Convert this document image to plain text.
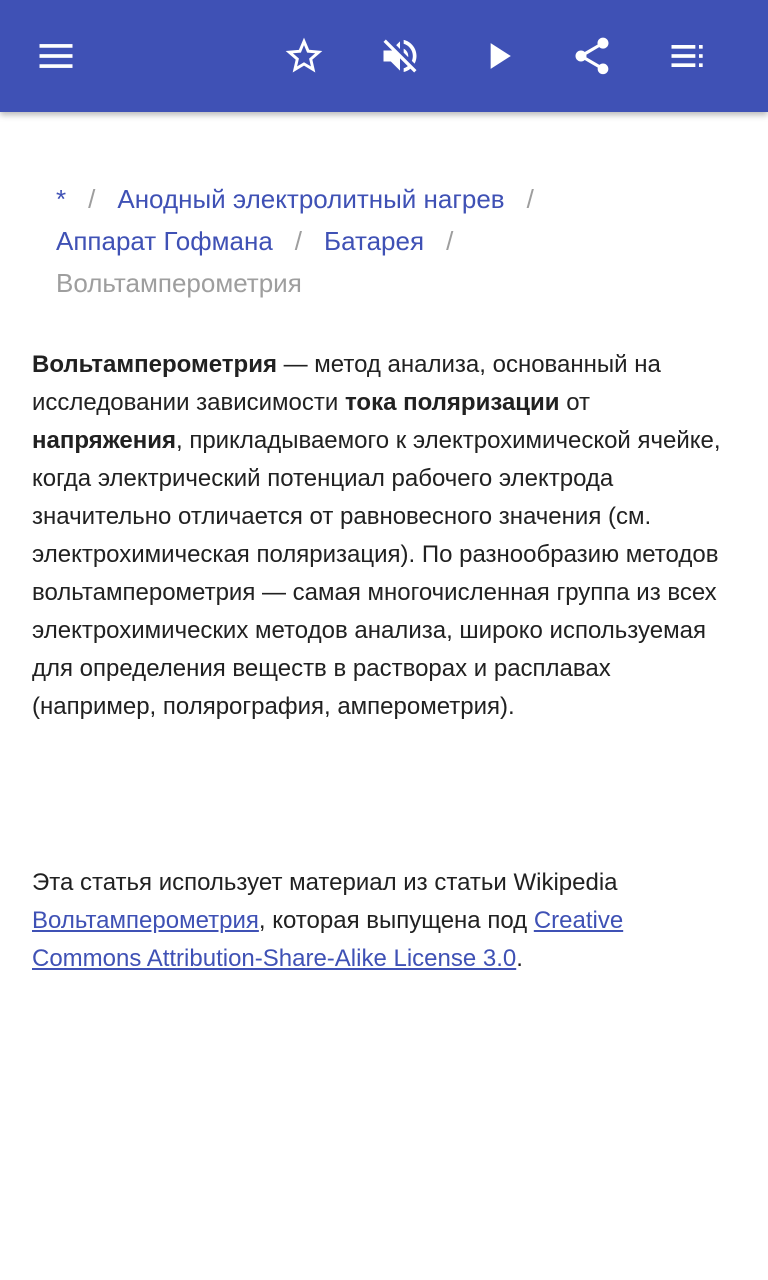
* / Анодный электролитный нагрев /
Аппарат Гофмана / Батарея /
Вольтамперометрия

Вольтамперометрия — метод анализа, основанный на исследовании зависимости тока поляризации от напряжения, прикладываемого к электрохимической ячейке, когда электрический потенциал рабочего электрода значительно отличается от равновесного значения (см. электрохимическая поляризация). По разнообразию методов вольтамперометрия — самая многочисленная группа из всех электрохимических методов анализа, широко используемая для определения веществ в растворах и расплавах (например, полярография, амперометрия).

Эта статья использует материал из статьи Wikipedia Вольтамперометрия, которая выпущена под Creative Commons Attribution-Share-Alike License 3.0.
